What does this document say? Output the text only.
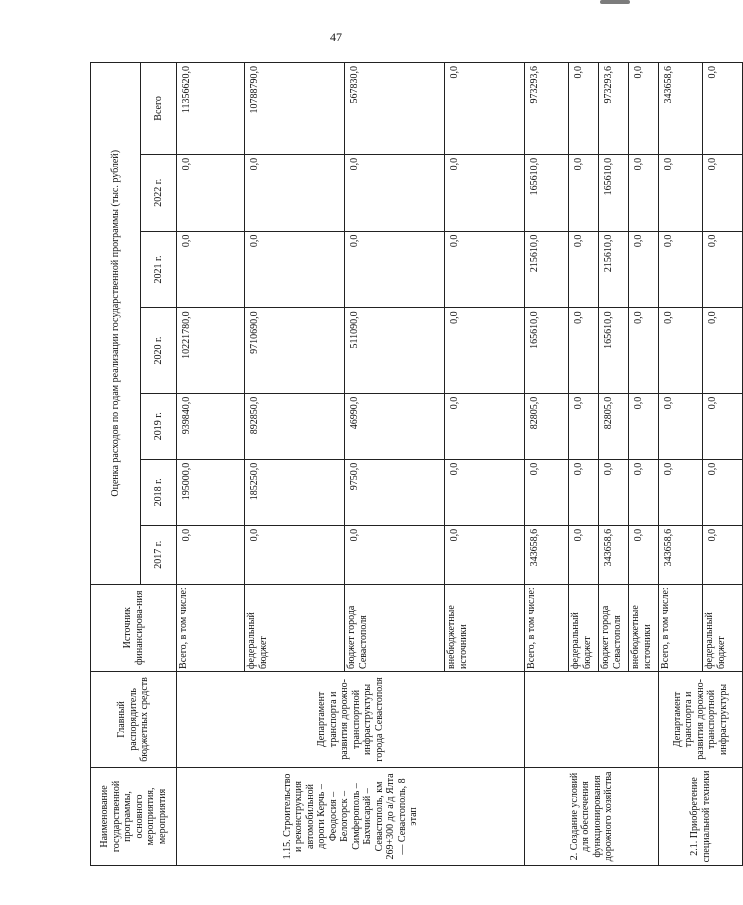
47
Наименование государственной программы, основного мероприятия, мероприятия	Главный распорядитель бюджетных средств	Источник финансирова-ния	Оценка расходов по годам реализации государственной программы (тыс. рублей)						
			2017 г.	2018 г.	2019 г.	2020 г.	2021 г.	2022 г.	Всего
1.15. Строительство и реконструкция автомобильной дороги Керчь – Феодосия – Белогорск – Симферополь – Бахчисарай – Севастополь, км 269+300 до а/д Ялта — Севастополь, 8 этап	Департамент транспорта и развития дорожно-транспортной инфраструктуры города Севастополя	Всего, в том числе:	0,0	195000,0	939840,0	10221780,0	0,0	0,0	11356620,0
		федеральный бюджет	0,0	185250,0	892850,0	9710690,0	0,0	0,0	10788790,0
		бюджет города Севастополя	0,0	9750,0	46990,0	511090,0	0,0	0,0	567830,0
		внебюджетные источники	0,0	0,0	0,0	0,0	0,0	0,0	0,0
2. Создание условий для обеспечения функционирования дорожного хозяйства		Всего, в том числе:	343658,6	0,0	82805,0	165610,0	215610,0	165610,0	973293,6
		федеральный бюджет	0,0	0,0	0,0	0,0	0,0	0,0	0,0
		бюджет города Севастополя	343658,6	0,0	82805,0	165610,0	215610,0	165610,0	973293,6
		внебюджетные источники	0,0	0,0	0,0	0,0	0,0	0,0	0,0
2.1. Приобретение специальной техники	Департамент транспорта и развития дорожно-транспортной инфраструктуры	Всего, в том числе:	343658,6	0,0	0,0	0,0	0,0	0,0	343658,6
		федеральный бюджет	0,0	0,0	0,0	0,0	0,0	0,0	0,0
